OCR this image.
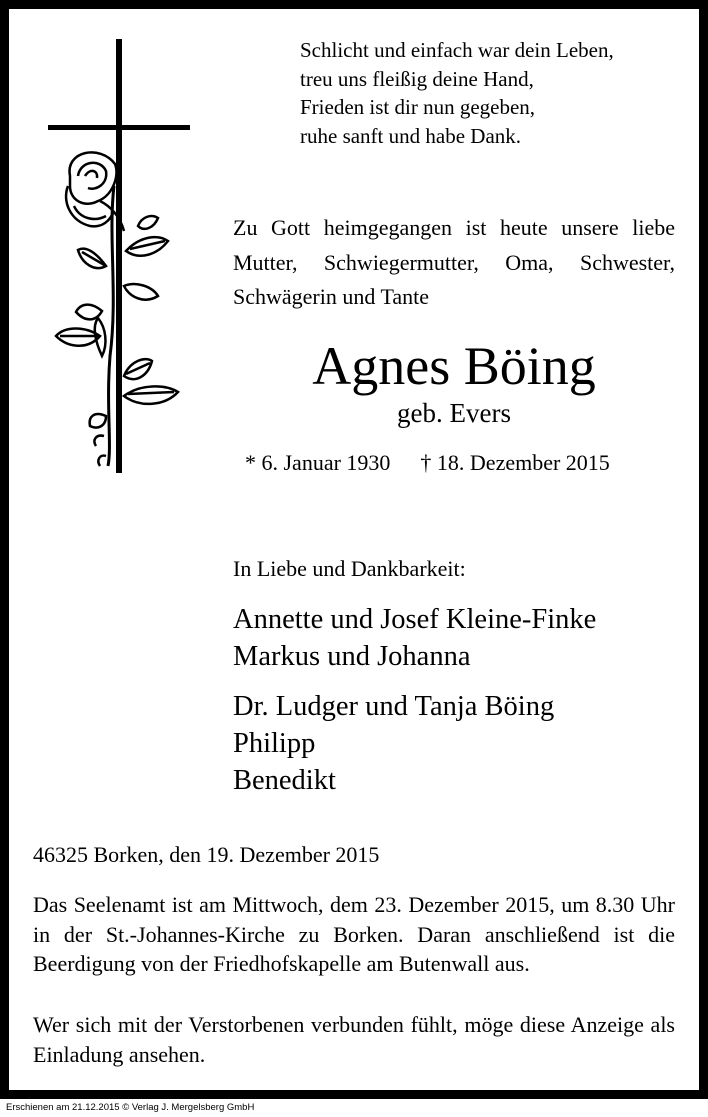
Schlicht und einfach war dein Leben,
treu uns fleißig deine Hand,
Frieden ist dir nun gegeben,
ruhe sanft und habe Dank.
Zu Gott heimgegangen ist heute unsere liebe Mutter, Schwiegermutter, Oma, Schwester, Schwägerin und Tante
Agnes Böing
geb. Evers
* 6. Januar 1930 † 18. Dezember 2015
In Liebe und Dankbarkeit:
Annette und Josef Kleine-Finke
Markus und Johanna
Dr. Ludger und Tanja Böing
Philipp
Benedikt
46325 Borken, den 19. Dezember 2015
Das Seelenamt ist am Mittwoch, dem 23. Dezember 2015, um 8.30 Uhr in der St.-Johannes-Kirche zu Borken. Daran anschließend ist die Beerdigung von der Friedhofskapelle am Butenwall aus.
Wer sich mit der Verstorbenen verbunden fühlt, möge diese Anzeige als Einladung ansehen.
Erschienen am 21.12.2015 © Verlag J. Mergelsberg GmbH
